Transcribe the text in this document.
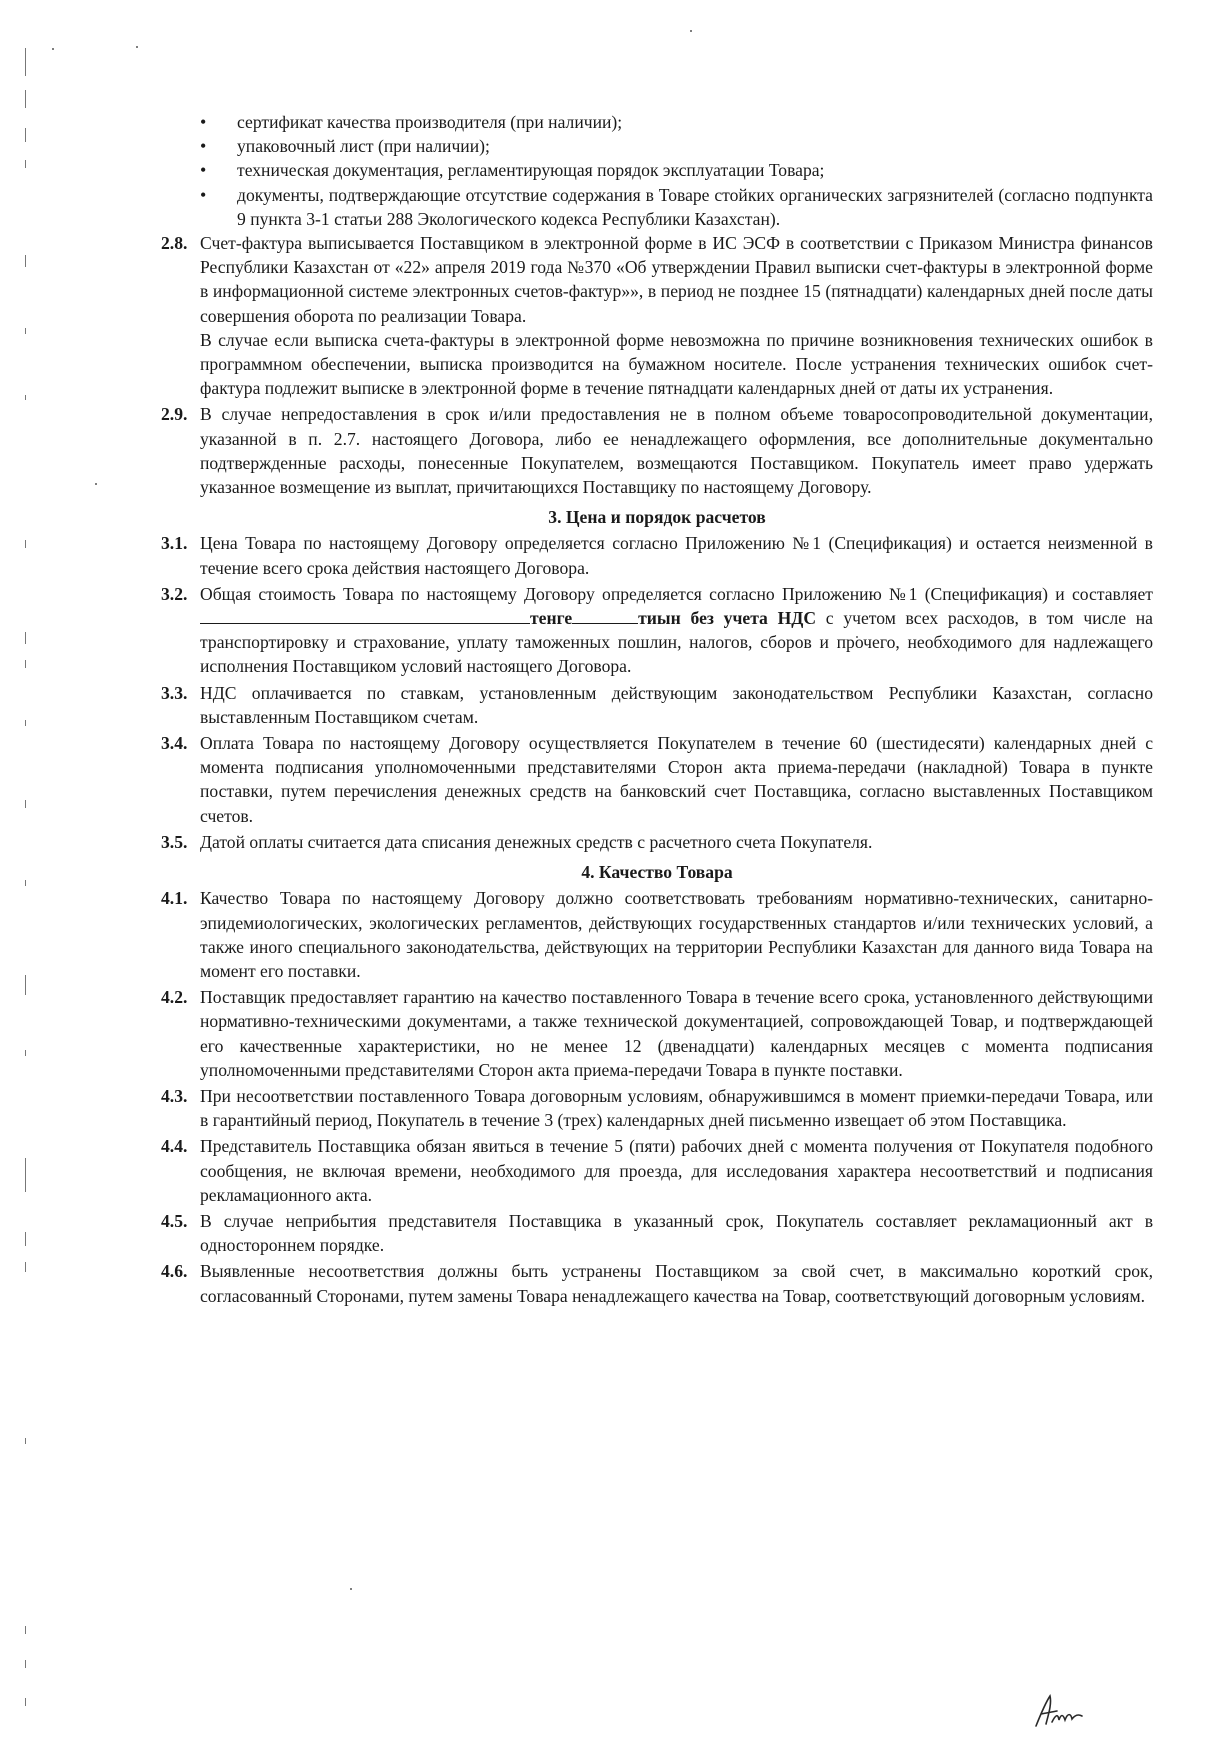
• сертификат качества производителя (при наличии);
• упаковочный лист (при наличии);
• техническая документация, регламентирующая порядок эксплуатации Товара;
• документы, подтверждающие отсутствие содержания в Товаре стойких органических загрязнителей (согласно подпункта 9 пункта 3-1 статьи 288 Экологического кодекса Республики Казахстан).
2.8. Счет-фактура выписывается Поставщиком в электронной форме в ИС ЭСФ в соответствии с Приказом Министра финансов Республики Казахстан от «22» апреля 2019 года №370 «Об утверждении Правил выписки счет-фактуры в электронной форме в информационной системе электронных счетов-фактур»», в период не позднее 15 (пятнадцати) календарных дней после даты совершения оборота по реализации Товара.
В случае если выписка счета-фактуры в электронной форме невозможна по причине возникновения технических ошибок в программном обеспечении, выписка производится на бумажном носителе. После устранения технических ошибок счет-фактура подлежит выписке в электронной форме в течение пятнадцати календарных дней от даты их устранения.
2.9. В случае непредоставления в срок и/или предоставления не в полном объеме товаросопроводительной документации, указанной в п. 2.7. настоящего Договора, либо ее ненадлежащего оформления, все дополнительные документально подтвержденные расходы, понесенные Покупателем, возмещаются Поставщиком. Покупатель имеет право удержать указанное возмещение из выплат, причитающихся Поставщику по настоящему Договору.
3. Цена и порядок расчетов
3.1. Цена Товара по настоящему Договору определяется согласно Приложению №1 (Спецификация) и остается неизменной в течение всего срока действия настоящего Договора.
3.2. Общая стоимость Товара по настоящему Договору определяется согласно Приложению №1 (Спецификация) и составляеттенге	тиын без учета НДС с учетом всех расходов, в том числе на транспортировку и страхование, уплату таможенных пошлин, налогов, сборов и прочего, необходимого для надлежащего исполнения Поставщиком условий настоящего Договора.
3.3. НДС оплачивается по ставкам, установленным действующим законодательством Республики Казахстан, согласно выставленным Поставщиком счетам.
3.4. Оплата Товара по настоящему Договору осуществляется Покупателем в течение 60 (шестидесяти) календарных дней с момента подписания уполномоченными представителями Сторон акта приема-передачи (накладной) Товара в пункте поставки, путем перечисления денежных средств на банковский счет Поставщика, согласно выставленных Поставщиком счетов.
3.5. Датой оплаты считается дата списания денежных средств с расчетного счета Покупателя.
4. Качество Товара
4.1. Качество Товара по настоящему Договору должно соответствовать требованиям нормативно-технических, санитарно-эпидемиологических, экологических регламентов, действующих государственных стандартов и/или технических условий, а также иного специального законодательства, действующих на территории Республики Казахстан для данного вида Товара на момент его поставки.
4.2. Поставщик предоставляет гарантию на качество поставленного Товара в течение всего срока, установленного действующими нормативно-техническими документами, а также технической документацией, сопровождающей Товар, и подтверждающей его качественные характеристики, но не менее 12 (двенадцати) календарных месяцев с момента подписания уполномоченными представителями Сторон акта приема-передачи Товара в пункте поставки.
4.3. При несоответствии поставленного Товара договорным условиям, обнаружившимся в момент приемки-передачи Товара, или в гарантийный период, Покупатель в течение 3 (трех) календарных дней письменно извещает об этом Поставщика.
4.4. Представитель Поставщика обязан явиться в течение 5 (пяти) рабочих дней с момента получения от Покупателя подобного сообщения, не включая времени, необходимого для проезда, для исследования характера несоответствий и подписания рекламационного акта.
4.5. В случае неприбытия представителя Поставщика в указанный срок, Покупатель составляет рекламационный акт в одностороннем порядке.
4.6. Выявленные несоответствия должны быть устранены Поставщиком за свой счет, в максимально короткий срок, согласованный Сторонами, путем замены Товара ненадлежащего качества на Товар, соответствующий договорным условиям.
